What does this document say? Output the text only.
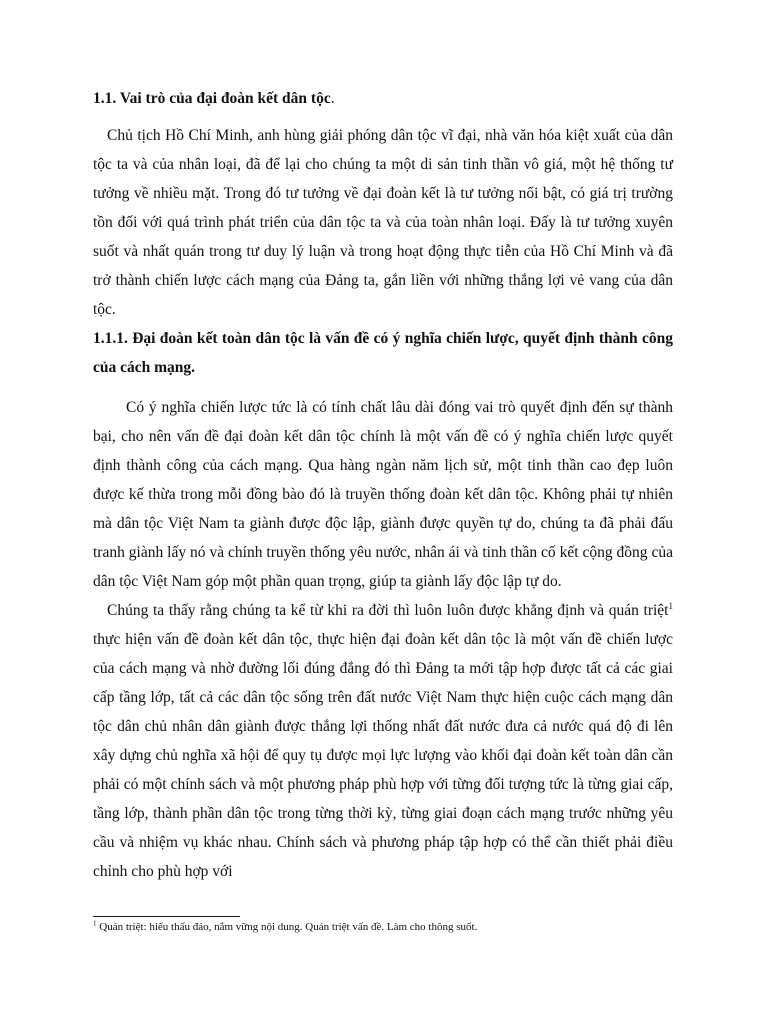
1.1. Vai trò của đại đoàn kết dân tộc.

Chủ tịch Hồ Chí Minh, anh hùng giải phóng dân tộc vĩ đại, nhà văn hóa kiệt xuất của dân tộc ta và của nhân loại, đã để lại cho chúng ta một di sản tinh thần vô giá, một hệ thống tư tưởng về nhiều mặt. Trong đó tư tưởng về đại đoàn kết là tư tưởng nổi bật, có giá trị trường tồn đối với quá trình phát triển của dân tộc ta và của toàn nhân loại. Đấy là tư tưởng xuyên suốt và nhất quán trong tư duy lý luận và trong hoạt động thực tiễn của Hồ Chí Minh và đã trở thành chiến lược cách mạng của Đảng ta, gắn liền với những thắng lợi vẻ vang của dân tộc.

1.1.1. Đại đoàn kết toàn dân tộc là vấn đề có ý nghĩa chiến lược, quyết định thành công của cách mạng.

Có ý nghĩa chiến lược tức là có tính chất lâu dài đóng vai trò quyết định đến sự thành bại, cho nên vấn đề đại đoàn kết dân tộc chính là một vấn đề có ý nghĩa chiến lược quyết định thành công của cách mạng. Qua hàng ngàn năm lịch sử, một tinh thần cao đẹp luôn được kế thừa trong mỗi đồng bào đó là truyền thống đoàn kết dân tộc. Không phải tự nhiên mà dân tộc Việt Nam ta giành được độc lập, giành được quyền tự do, chúng ta đã phải đấu tranh giành lấy nó và chính truyền thống yêu nước, nhân ái và tinh thần cố kết cộng đồng của dân tộc Việt Nam góp một phần quan trọng, giúp ta giành lấy độc lập tự do.

Chúng ta thấy rằng chúng ta kể từ khi ra đời thì luôn luôn được khẳng định và quán triệt$^1$ thực hiện vấn đề đoàn kết dân tộc, thực hiện đại đoàn kết dân tộc là một vấn đề chiến lược của cách mạng và nhờ đường lối đúng đắng đó thì Đảng ta mới tập hợp được tất cả các giai cấp tầng lớp, tất cả các dân tộc sống trên đất nước Việt Nam thực hiện cuộc cách mạng dân tộc dân chủ nhân dân giành được thắng lợi thống nhất đất nước đưa cả nước quá độ đi lên xây dựng chủ nghĩa xã hội để quy tụ được mọi lực lượng vào khối đại đoàn kết toàn dân cần phải có một chính sách và một phương pháp phù hợp với từng đối tượng tức là từng giai cấp, tầng lớp, thành phần dân tộc trong từng thời kỳ, từng giai đoạn cách mạng trước những yêu cầu và nhiệm vụ khác nhau. Chính sách và phương pháp tập hợp có thể cần thiết phải điều chỉnh cho phù hợp với

$^1$ Quán triệt: hiểu thấu đáo, nắm vững nội dung. Quán triệt vấn đề. Làm cho thông suốt.
